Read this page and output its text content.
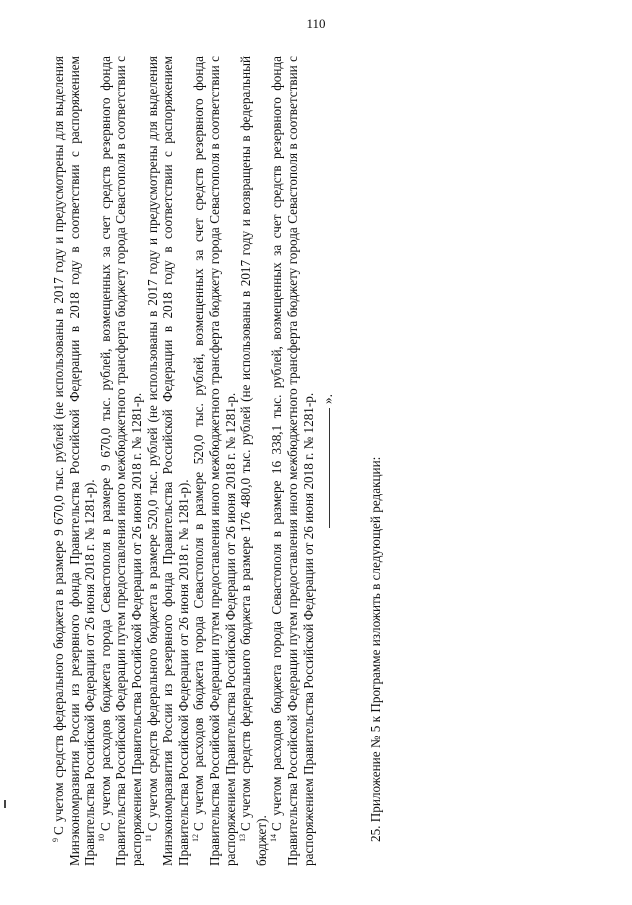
110

$^9$С учетом средств федерального бюджета в размере 9 670,0 тыс. рублей (не использованы в 2017 году и предусмотрены для выделения Минэкономразвития России из резервного фонда Правительства Российской Федерации в 2018 году в соответствии с распоряжением Правительства Российской Федерации от 26 июня 2018 г. № 1281-р). $^{10}$С учетом расходов бюджета города Севастополя в размере 9 670,0 тыс. рублей, возмещенных за счет средств резервного фонда Правительства Российской Федерации путем предоставления иного межбюджетного трансферта бюджету города Севастополя в соответствии с распоряжением Правительства Российской Федерации от 26 июня 2018 г. № 1281-р. $^{11}$С учетом средств федерального бюджета в размере 520,0 тыс. рублей (не использованы в 2017 году и предусмотрены для выделения Минэкономразвития России из резервного фонда Правительства Российской Федерации в 2018 году в соответствии с распоряжением Правительства Российской Федерации от 26 июня 2018 г. № 1281-р). $^{12}$С учетом расходов бюджета города Севастополя в размере 520,0 тыс. рублей, возмещенных за счет средств резервного фонда Правительства Российской Федерации путем предоставления иного межбюджетного трансферта бюджету города Севастополя в соответствии с распоряжением Правительства Российской Федерации от 26 июня 2018 г. № 1281-р. $^{13}$С учетом средств федерального бюджета в размере 176 480,0 тыс. рублей (не использованы в 2017 году и возвращены в федеральный бюджет). $^{14}$С учетом расходов бюджета города Севастополя в размере 16 338,1 тыс. рублей, возмещенных за счет средств резервного фонда Правительства Российской Федерации путем предоставления иного межбюджетного трансферта бюджету города Севастополя в соответствии с распоряжением Правительства Российской Федерации от 26 июня 2018 г. № 1281-р. ».

25. Приложение № 5 к Программе изложить в следующей редакции:
